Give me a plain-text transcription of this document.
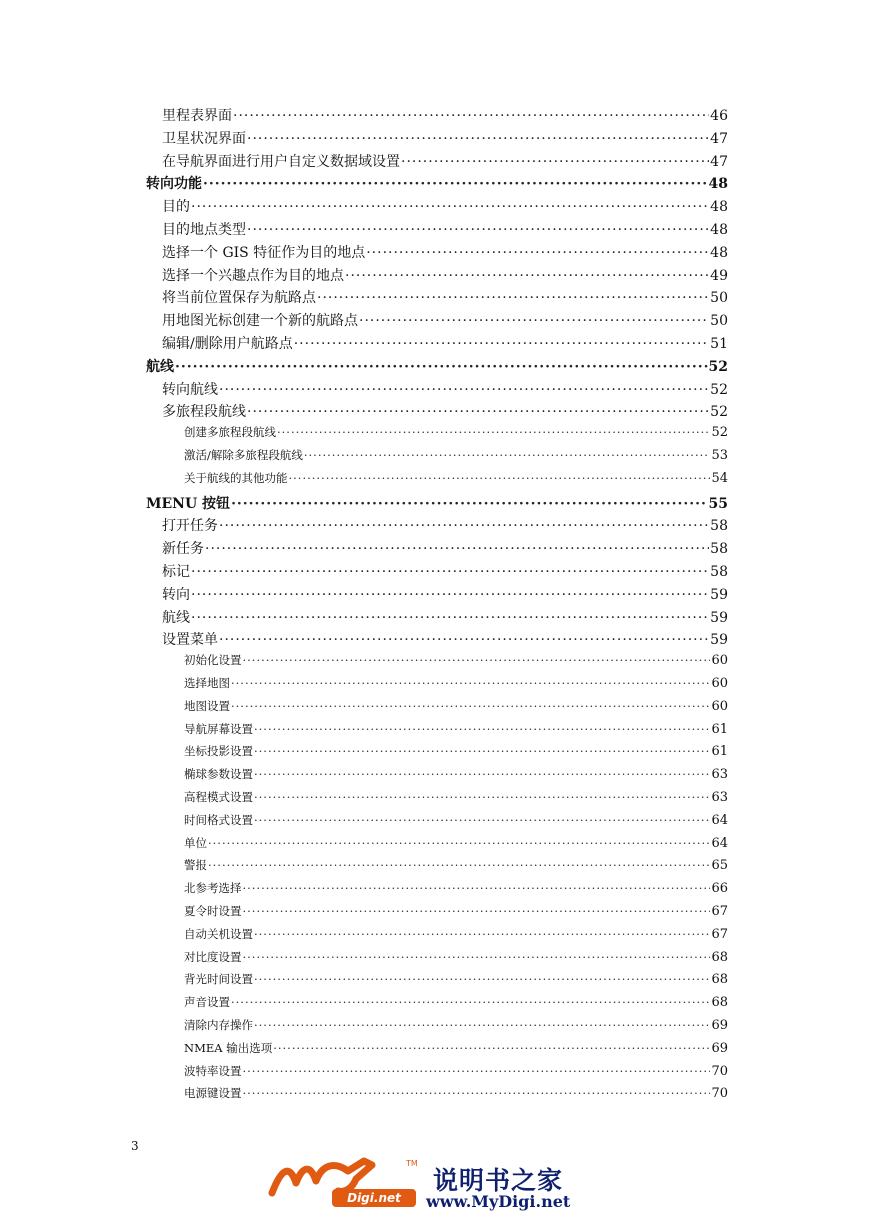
里程表界面 ·····	46
卫星状况界面 ·····	47
在导航界面进行用户自定义数据域设置 ·····	47
转向功能 ·····	48
目的 ·····	48
目的地点类型 ·····	48
选择一个 GIS 特征作为目的地点 ·····	48
选择一个兴趣点作为目的地点 ·····	49
将当前位置保存为航路点 ·····	50
用地图光标创建一个新的航路点 ·····	50
编辑/删除用户航路点 ·····	51
航线 ·····	52
转向航线 ·····	52
多旅程段航线 ·····	52
创建多旅程段航线 ·····	52
激活/解除多旅程段航线 ·····	53
关于航线的其他功能 ·····	54
MENU 按钮 ·····	55
打开任务 ·····	58
新任务 ·····	58
标记 ·····	58
转向 ·····	59
航线 ·····	59
设置菜单 ·····	59
初始化设置 ·····	60
选择地图 ·····	60
地图设置 ·····	60
导航屏幕设置 ·····	61
坐标投影设置 ·····	61
椭球参数设置 ·····	63
高程模式设置 ·····	63
时间格式设置 ·····	64
单位 ·····	64
警报 ·····	65
北参考选择 ·····	66
夏令时设置 ·····	67
自动关机设置 ·····	67
对比度设置 ·····	68
背光时间设置 ·····	68
声音设置 ·····	68
清除内存操作 ·····	69
NMEA 输出选项 ·····	69
波特率设置 ·····	70
电源键设置 ·····	70
3
TM
Digi.net
说明书之家
www.MyDigi.net
